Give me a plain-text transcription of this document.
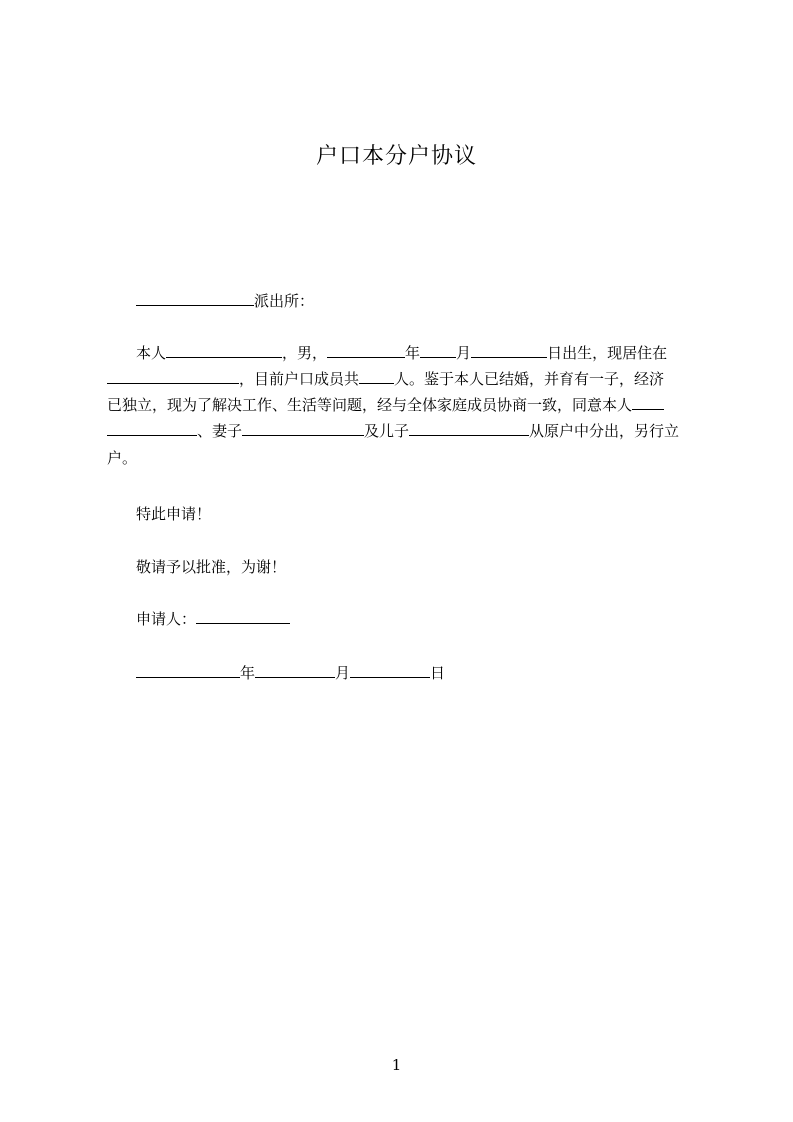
户口本分户协议
派出所：
本人	，男，	年 月	日出生，现居住在
，目前户口成员共 人。鉴于本人已结婚，并育有一子，经济
已独立，现为了解决工作、生活等问题，经与全体家庭成员协商一致，同意本人
、妻子	及儿子	从原户中分出，另行立
户。
特此申请！
敬请予以批准，为谢！
申请人：
年	月	日
1
